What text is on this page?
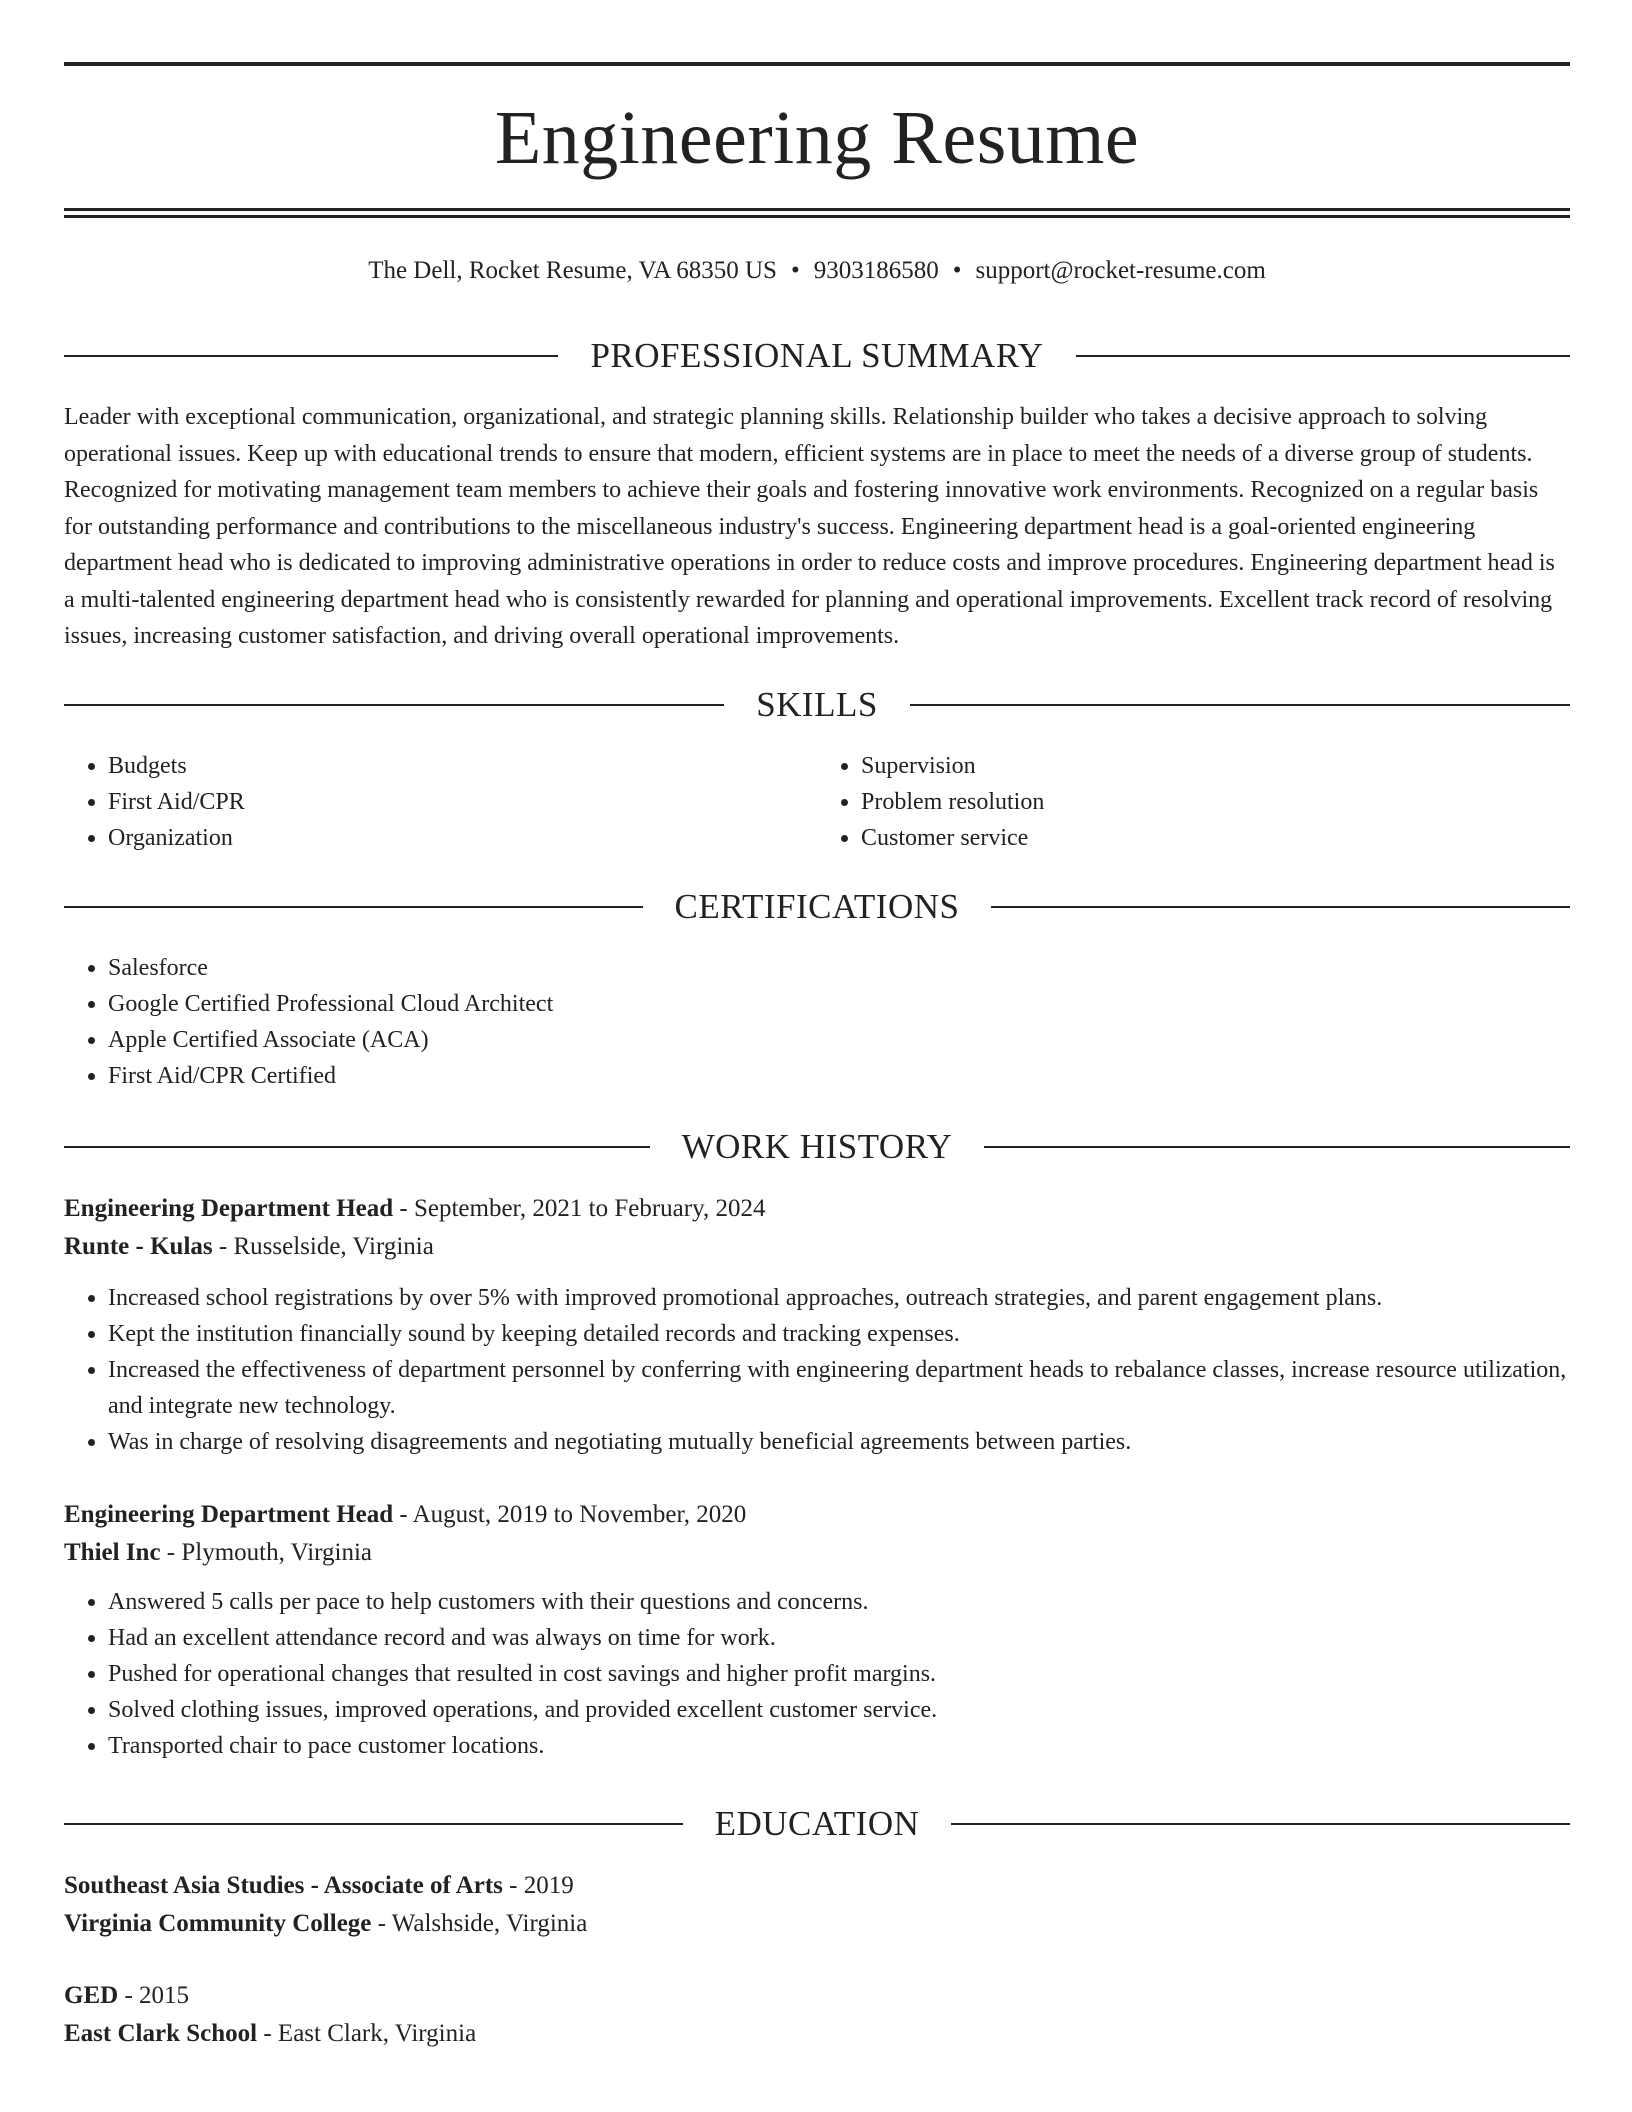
Engineering Resume
The Dell, Rocket Resume, VA 68350 US • 9303186580 • support@rocket-resume.com
PROFESSIONAL SUMMARY

Leader with exceptional communication, organizational, and strategic planning skills. Relationship builder who takes a decisive approach to solving operational issues. Keep up with educational trends to ensure that modern, efficient systems are in place to meet the needs of a diverse group of students. Recognized for motivating management team members to achieve their goals and fostering innovative work environments. Recognized on a regular basis for outstanding performance and contributions to the miscellaneous industry's success. Engineering department head is a goal-oriented engineering department head who is dedicated to improving administrative operations in order to reduce costs and improve procedures. Engineering department head is a multi-talented engineering department head who is consistently rewarded for planning and operational improvements. Excellent track record of resolving issues, increasing customer satisfaction, and driving overall operational improvements.

SKILLS
• Budgets
• First Aid/CPR
• Organization
• Supervision
• Problem resolution
• Customer service
CERTIFICATIONS
• Salesforce
• Google Certified Professional Cloud Architect
• Apple Certified Associate (ACA)
• First Aid/CPR Certified
WORK HISTORY
Engineering Department Head - September, 2021 to February, 2024
Runte - Kulas - Russelside, Virginia
• Increased school registrations by over 5% with improved promotional approaches, outreach strategies, and parent engagement plans.
• Kept the institution financially sound by keeping detailed records and tracking expenses.
• Increased the effectiveness of department personnel by conferring with engineering department heads to rebalance classes, increase resource utilization, and integrate new technology.
• Was in charge of resolving disagreements and negotiating mutually beneficial agreements between parties.
Engineering Department Head - August, 2019 to November, 2020
Thiel Inc - Plymouth, Virginia
• Answered 5 calls per pace to help customers with their questions and concerns.
• Had an excellent attendance record and was always on time for work.
• Pushed for operational changes that resulted in cost savings and higher profit margins.
• Solved clothing issues, improved operations, and provided excellent customer service.
• Transported chair to pace customer locations.
EDUCATION
Southeast Asia Studies - Associate of Arts - 2019
Virginia Community College - Walshside, Virginia
GED - 2015
East Clark School - East Clark, Virginia
